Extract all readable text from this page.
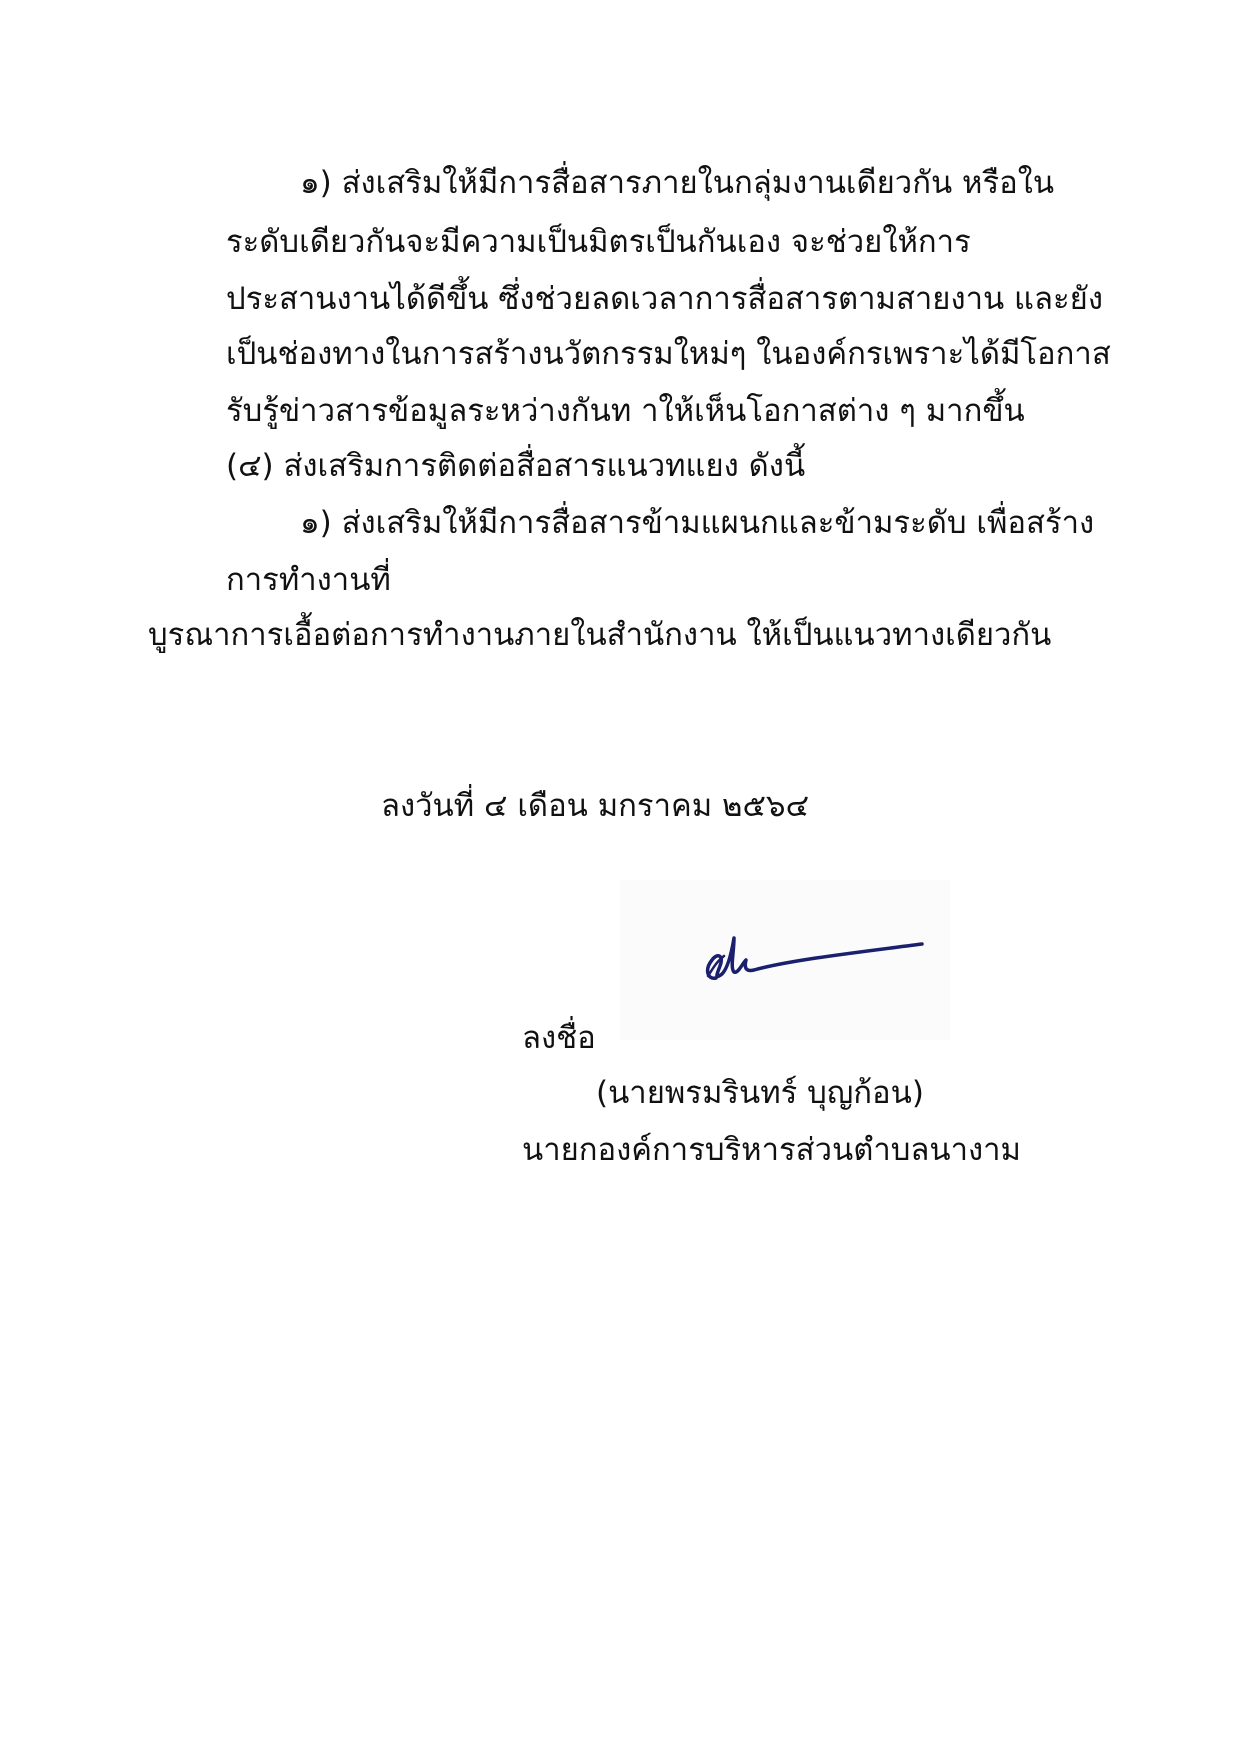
๑) ส่งเสริมให้มีการสื่อสารภายในกลุ่มงานเดียวกัน หรือใน
ระดับเดียวกันจะมีความเป็นมิตรเป็นกันเอง จะช่วยให้การ
ประสานงานได้ดีขึ้น ซึ่งช่วยลดเวลาการสื่อสารตามสายงาน และยัง
เป็นช่องทางในการสร้างนวัตกรรมใหม่ๆ ในองค์กรเพราะได้มีโอกาส
รับรู้ข่าวสารข้อมูลระหว่างกันท าให้เห็นโอกาสต่าง ๆ มากขึ้น
(๔) ส่งเสริมการติดต่อสื่อสารแนวทแยง ดังนี้
๑) ส่งเสริมให้มีการสื่อสารข้ามแผนกและข้ามระดับ เพื่อสร้าง
การทำงานที่
บูรณาการเอื้อต่อการทำงานภายในสำนักงาน ให้เป็นแนวทางเดียวกัน
ลงวันที่ ๔ เดือน มกราคม ๒๕๖๔
ลงชื่อ
(นายพรมรินทร์ บุญก้อน)
นายกองค์การบริหารส่วนตำบลนางาม
